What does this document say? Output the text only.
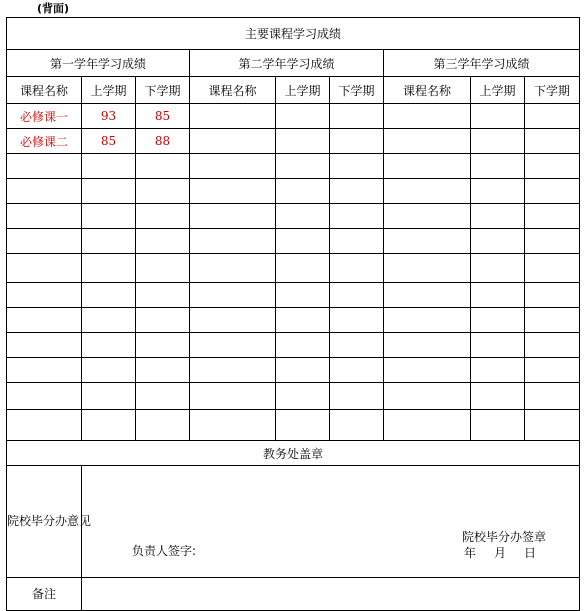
(背面)
主要课程学习成绩								
第一学年学习成绩			第二学年学习成绩			第三学年学习成绩		
课程名称	上学期	下学期	课程名称	上学期	下学期	课程名称	上学期	下学期
必修课一	93	85						
必修课二	85	88						

教务处盖章								
院校毕分办意见	负责人签字:
院校毕分办签章
年 月 日							

备注								
